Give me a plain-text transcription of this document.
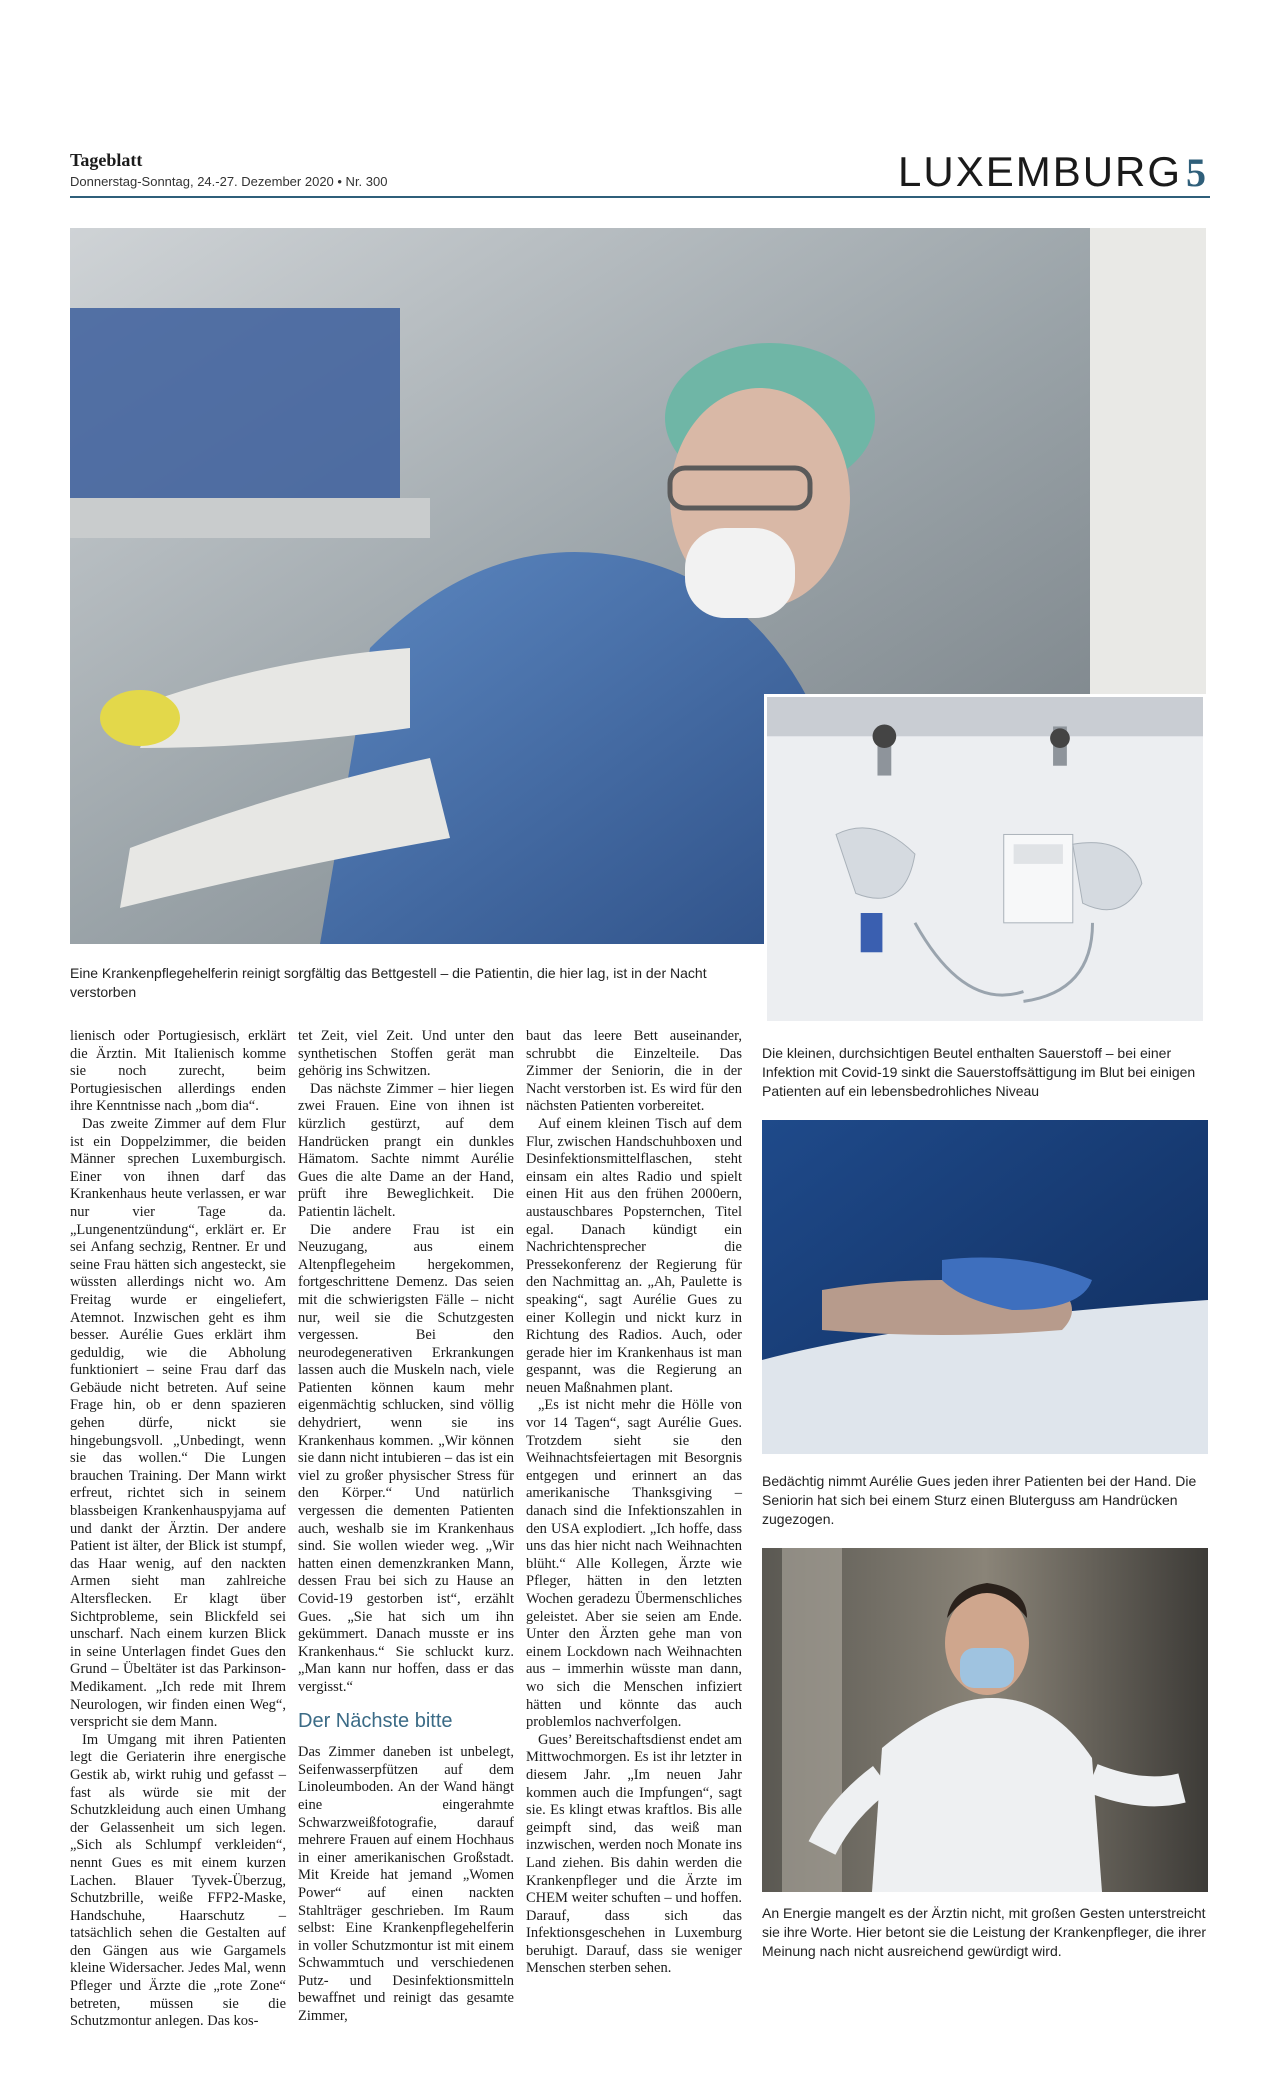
Tageblatt
Donnerstag-Sonntag, 24.-27. Dezember 2020 • Nr. 300	LUXEMBURG 5
Eine Krankenpflegehelferin reinigt sorgfältig das Bettgestell – die Patientin, die hier lag, ist in der Nacht verstorben

lienisch oder Portugiesisch, erklärt die Ärztin. Mit Italienisch komme sie noch zurecht, beim Portugiesischen allerdings enden ihre Kenntnisse nach „bom dia“.

Das zweite Zimmer auf dem Flur ist ein Doppelzimmer, die beiden Männer sprechen Luxemburgisch. Einer von ihnen darf das Krankenhaus heute verlassen, er war nur vier Tage da. „Lungenentzündung“, erklärt er. Er sei Anfang sechzig, Rentner. Er und seine Frau hätten sich angesteckt, sie wüssten allerdings nicht wo. Am Freitag wurde er eingeliefert, Atemnot. Inzwischen geht es ihm besser. Aurélie Gues erklärt ihm geduldig, wie die Abholung funktioniert – seine Frau darf das Gebäude nicht betreten. Auf seine Frage hin, ob er denn spazieren gehen dürfe, nickt sie hingebungsvoll. „Unbedingt, wenn sie das wollen.“ Die Lungen brauchen Training. Der Mann wirkt erfreut, richtet sich in seinem blassbeigen Krankenhauspyjama auf und dankt der Ärztin. Der andere Patient ist älter, der Blick ist stumpf, das Haar wenig, auf den nackten Armen sieht man zahlreiche Altersflecken. Er klagt über Sichtprobleme, sein Blickfeld sei unscharf. Nach einem kurzen Blick in seine Unterlagen findet Gues den Grund – Übeltäter ist das Parkinson-Medikament. „Ich rede mit Ihrem Neurologen, wir finden einen Weg“, verspricht sie dem Mann.

Im Umgang mit ihren Patienten legt die Geriaterin ihre energische Gestik ab, wirkt ruhig und gefasst – fast als würde sie mit der Schutzkleidung auch einen Umhang der Gelassenheit um sich legen. „Sich als Schlumpf verkleiden“, nennt Gues es mit einem kurzen Lachen. Blauer Tyvek-Überzug, Schutzbrille, weiße FFP2-Maske, Handschuhe, Haarschutz – tatsächlich sehen die Gestalten auf den Gängen aus wie Gargamels kleine Widersacher. Jedes Mal, wenn Pfleger und Ärzte die „rote Zone“ betreten, müssen sie die Schutzmontur anlegen. Das kos-

tet Zeit, viel Zeit. Und unter den synthetischen Stoffen gerät man gehörig ins Schwitzen.

Das nächste Zimmer – hier liegen zwei Frauen. Eine von ihnen ist kürzlich gestürzt, auf dem Handrücken prangt ein dunkles Hämatom. Sachte nimmt Aurélie Gues die alte Dame an der Hand, prüft ihre Beweglichkeit. Die Patientin lächelt.

Die andere Frau ist ein Neuzugang, aus einem Altenpflegeheim hergekommen, fortgeschrittene Demenz. Das seien mit die schwierigsten Fälle – nicht nur, weil sie die Schutzgesten vergessen. Bei den neurodegenerativen Erkrankungen lassen auch die Muskeln nach, viele Patienten können kaum mehr eigenmächtig schlucken, sind völlig dehydriert, wenn sie ins Krankenhaus kommen. „Wir können sie dann nicht intubieren – das ist ein viel zu großer physischer Stress für den Körper.“ Und natürlich vergessen die dementen Patienten auch, weshalb sie im Krankenhaus sind. Sie wollen wieder weg. „Wir hatten einen demenzkranken Mann, dessen Frau bei sich zu Hause an Covid-19 gestorben ist“, erzählt Gues. „Sie hat sich um ihn gekümmert. Danach musste er ins Krankenhaus.“ Sie schluckt kurz. „Man kann nur hoffen, dass er das vergisst.“

Der Nächste bitte

Das Zimmer daneben ist unbelegt, Seifenwasserpfützen auf dem Linoleumboden. An der Wand hängt eine eingerahmte Schwarzweißfotografie, darauf mehrere Frauen auf einem Hochhaus in einer amerikanischen Großstadt. Mit Kreide hat jemand „Women Power“ auf einen nackten Stahlträger geschrieben. Im Raum selbst: Eine Krankenpflegehelferin in voller Schutzmontur ist mit einem Schwammtuch und verschiedenen Putz- und Desinfektionsmitteln bewaffnet und reinigt das gesamte Zimmer,

baut das leere Bett auseinander, schrubbt die Einzelteile. Das Zimmer der Seniorin, die in der Nacht verstorben ist. Es wird für den nächsten Patienten vorbereitet.

Auf einem kleinen Tisch auf dem Flur, zwischen Handschuhboxen und Desinfektionsmittelflaschen, steht einsam ein altes Radio und spielt einen Hit aus den frühen 2000ern, austauschbares Popsternchen, Titel egal. Danach kündigt ein Nachrichtensprecher die Pressekonferenz der Regierung für den Nachmittag an. „Ah, Paulette is speaking“, sagt Aurélie Gues zu einer Kollegin und nickt kurz in Richtung des Radios. Auch, oder gerade hier im Krankenhaus ist man gespannt, was die Regierung an neuen Maßnahmen plant.

„Es ist nicht mehr die Hölle von vor 14 Tagen“, sagt Aurélie Gues. Trotzdem sieht sie den Weihnachtsfeiertagen mit Besorgnis entgegen und erinnert an das amerikanische Thanksgiving – danach sind die Infektionszahlen in den USA explodiert. „Ich hoffe, dass uns das hier nicht nach Weihnachten blüht.“ Alle Kollegen, Ärzte wie Pfleger, hätten in den letzten Wochen geradezu Übermenschliches geleistet. Aber sie seien am Ende. Unter den Ärzten gehe man von einem Lockdown nach Weihnachten aus – immerhin wüsste man dann, wo sich die Menschen infiziert hätten und könnte das auch problemlos nachverfolgen.

Gues’ Bereitschaftsdienst endet am Mittwochmorgen. Es ist ihr letzter in diesem Jahr. „Im neuen Jahr kommen auch die Impfungen“, sagt sie. Es klingt etwas kraftlos. Bis alle geimpft sind, das weiß man inzwischen, werden noch Monate ins Land ziehen. Bis dahin werden die Krankenpfleger und die Ärzte im CHEM weiter schuften – und hoffen. Darauf, dass sich das Infektionsgeschehen in Luxemburg beruhigt. Darauf, dass sie weniger Menschen sterben sehen.

Die kleinen, durchsichtigen Beutel enthalten Sauerstoff – bei einer Infektion mit Covid-19 sinkt die Sauerstoffsättigung im Blut bei einigen Patienten auf ein lebensbedrohliches Niveau
Bedächtig nimmt Aurélie Gues jeden ihrer Patienten bei der Hand. Die Seniorin hat sich bei einem Sturz einen Bluterguss am Handrücken zugezogen.
An Energie mangelt es der Ärztin nicht, mit großen Gesten unterstreicht sie ihre Worte. Hier betont sie die Leistung der Krankenpfleger, die ihrer Meinung nach nicht ausreichend gewürdigt wird.
